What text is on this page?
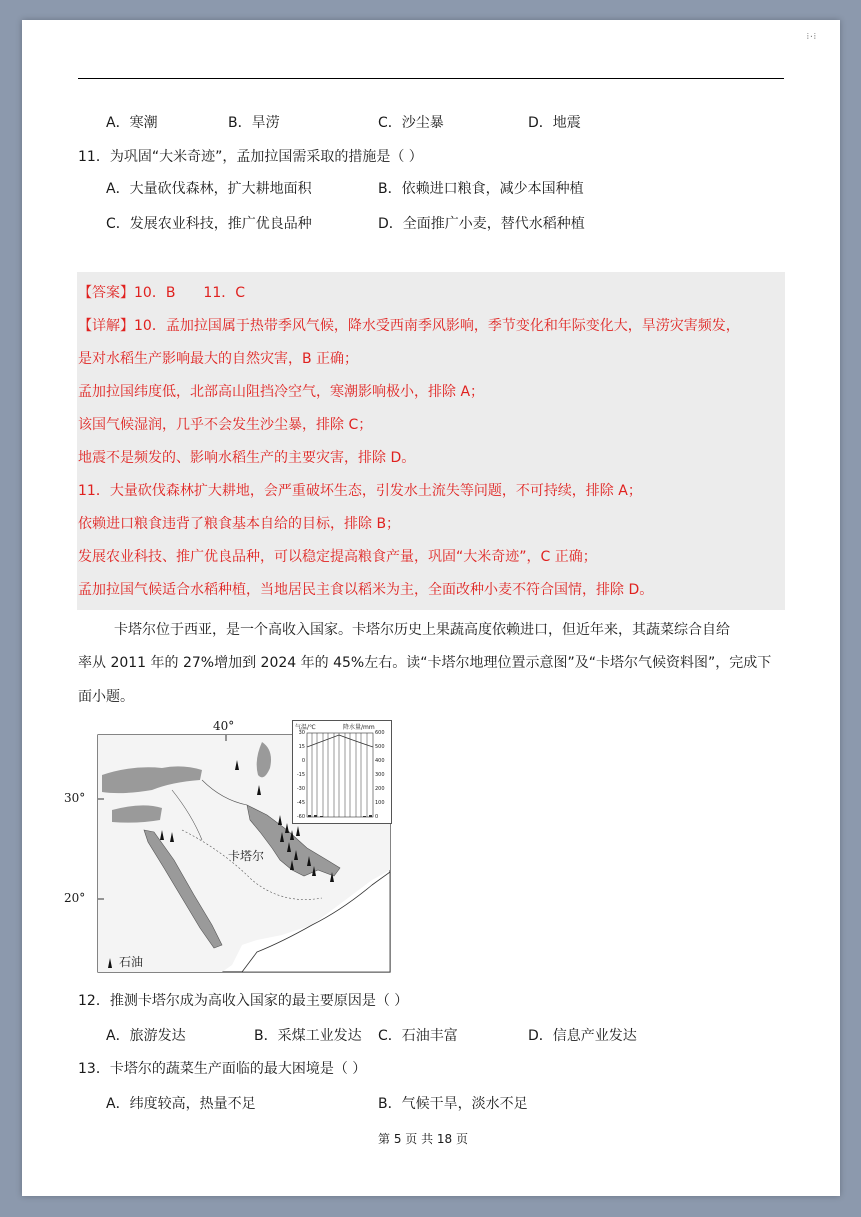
⁞·⁞
A．寒潮	B．旱涝	C．沙尘暴	D．地震
11．为巩固“大米奇迹”，孟加拉国需采取的措施是（ ）
A．大量砍伐森林，扩大耕地面积	B．依赖进口粮食，减少本国种植
C．发展农业科技，推广优良品种	D．全面推广小麦，替代水稻种植
【答案】10．B　　11．C
【详解】10．孟加拉国属于热带季风气候，降水受西南季风影响，季节变化和年际变化大，旱涝灾害频发，
是对水稻生产影响最大的自然灾害，B 正确；
孟加拉国纬度低，北部高山阻挡冷空气，寒潮影响极小，排除 A；
该国气候湿润，几乎不会发生沙尘暴，排除 C；
地震不是频发的、影响水稻生产的主要灾害，排除 D。
11．大量砍伐森林扩大耕地，会严重破坏生态，引发水土流失等问题，不可持续，排除 A；
依赖进口粮食违背了粮食基本自给的目标，排除 B；
发展农业科技、推广优良品种，可以稳定提高粮食产量，巩固“大米奇迹”，C 正确；
孟加拉国气候适合水稻种植，当地居民主食以稻米为主，全面改种小麦不符合国情，排除 D。
卡塔尔位于西亚，是一个高收入国家。卡塔尔历史上果蔬高度依赖进口，但近年来，其蔬菜综合自给
率从 2011 年的 27%增加到 2024 年的 45%左右。读“卡塔尔地理位置示意图”及“卡塔尔气候资料图”，完成下
面小题。
40°
30°
20°
卡塔尔
石油
气温/℃	降水量/mm
30
15
0
-15
-30
-45
-60
600
500
400
300
200
100
0
12．推测卡塔尔成为高收入国家的最主要原因是（ ）
A．旅游发达	B．采煤工业发达 C．石油丰富	D．信息产业发达
13．卡塔尔的蔬菜生产面临的最大困境是（ ）
A．纬度较高，热量不足	B．气候干旱，淡水不足
第 5 页 共 18 页
